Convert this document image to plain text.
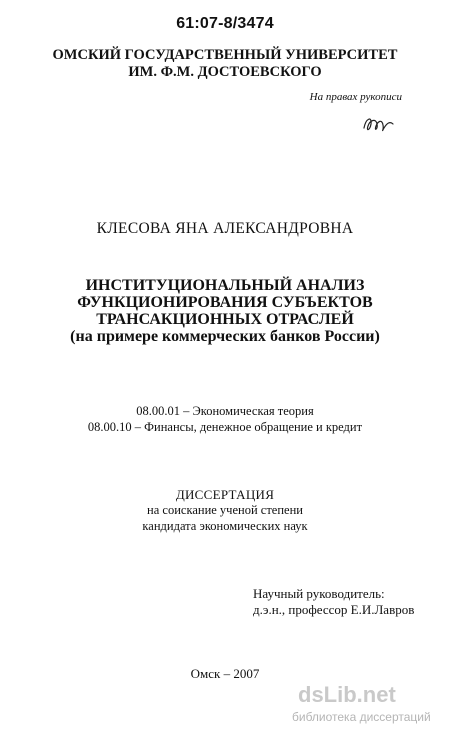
61:07-8/3474
ОМСКИЙ ГОСУДАРСТВЕННЫЙ УНИВЕРСИТЕТ
ИМ. Ф.М. ДОСТОЕВСКОГО
На правах рукописи
КЛЕСОВА ЯНА АЛЕКСАНДРОВНА
ИНСТИТУЦИОНАЛЬНЫЙ АНАЛИЗ
ФУНКЦИОНИРОВАНИЯ СУБЪЕКТОВ
ТРАНСАКЦИОННЫХ ОТРАСЛЕЙ
(на примере коммерческих банков России)
08.00.01 – Экономическая теория
08.00.10 – Финансы, денежное обращение и кредит
ДИССЕРТАЦИЯ
на соискание ученой степени
кандидата экономических наук
Научный руководитель:
д.э.н., профессор Е.И.Лавров
Омск – 2007
dsLib.net
библиотека диссертаций
